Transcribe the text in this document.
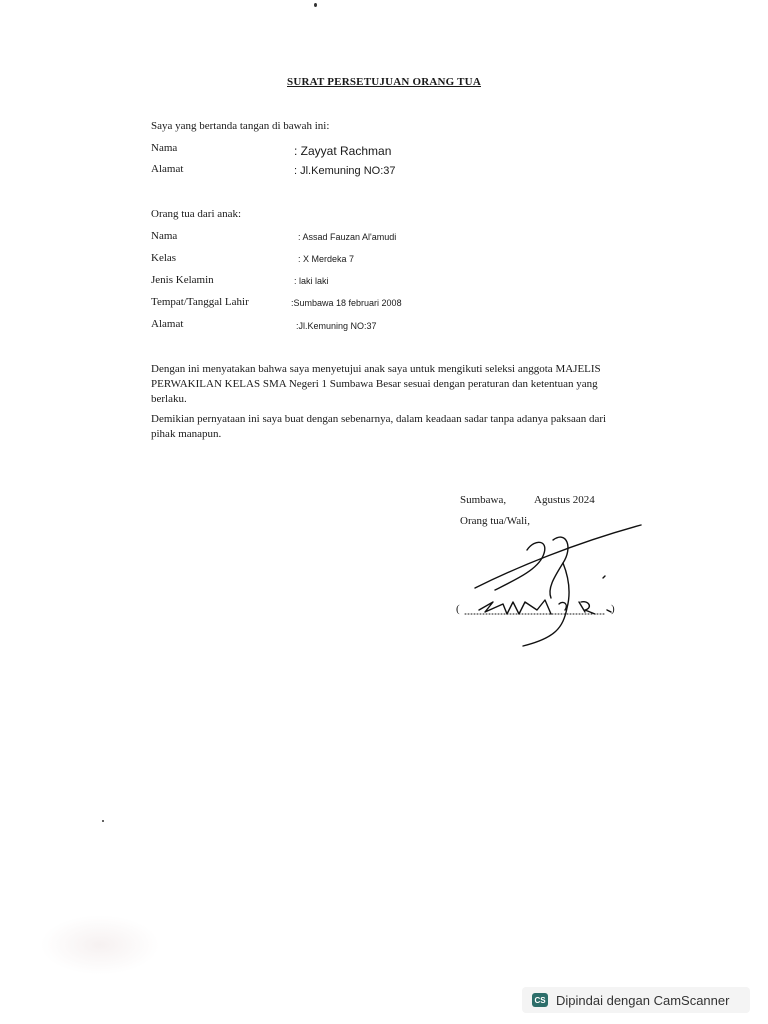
SURAT PERSETUJUAN ORANG TUA
Saya yang bertanda tangan di bawah ini:
Nama	: Zayyat Rachman
Alamat	: Jl.Kemuning NO:37
Orang tua dari anak:
Nama	: Assad Fauzan Al'amudi
Kelas	: X Merdeka 7
Jenis Kelamin	: laki laki
Tempat/Tanggal Lahir	:Sumbawa 18 februari 2008
Alamat	:Jl.Kemuning NO:37
Dengan ini menyatakan bahwa saya menyetujui anak saya untuk mengikuti seleksi anggota MAJELIS PERWAKILAN KELAS SMA Negeri 1 Sumbawa Besar sesuai dengan peraturan dan ketentuan yang berlaku.
Demikian pernyataan ini saya buat dengan sebenarnya, dalam keadaan sadar tanpa adanya paksaan dari pihak manapun.
Sumbawa,	Agustus 2024
Orang tua/Wali,
(	)
CS Dipindai dengan CamScanner
